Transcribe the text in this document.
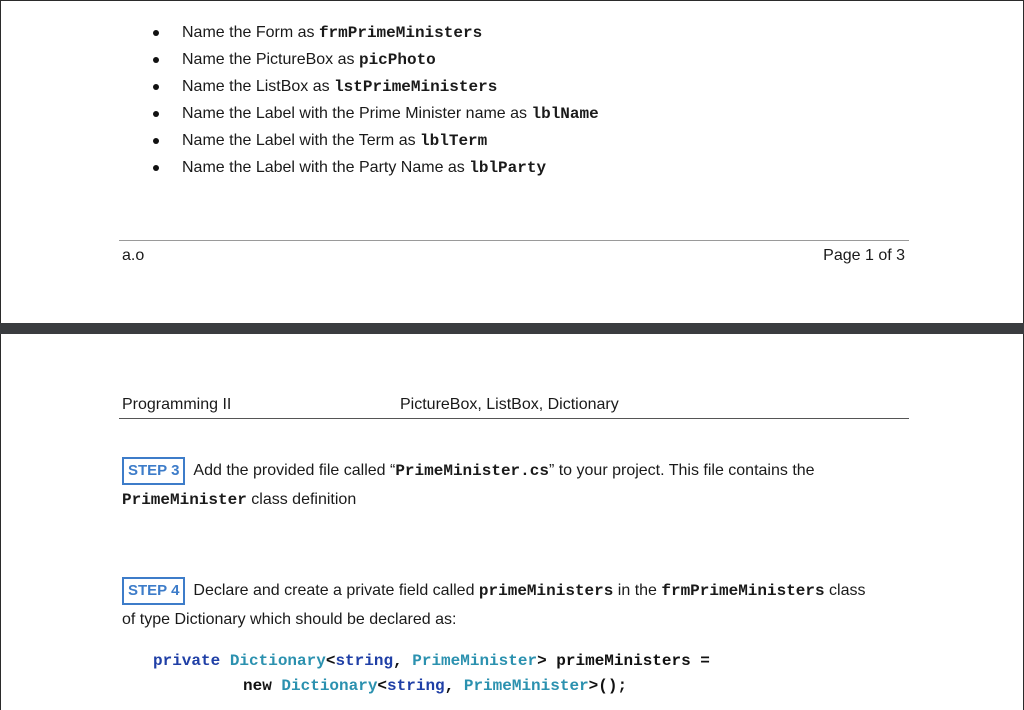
Name the Form as frmPrimeMinisters
Name the PictureBox as picPhoto
Name the ListBox as lstPrimeMinisters
Name the Label with the Prime Minister name as lblName
Name the Label with the Term as lblTerm
Name the Label with the Party Name as lblParty
a.o	Page 1 of 3
Programming II	PictureBox, ListBox, Dictionary
STEP 3 Add the provided file called “PrimeMinister.cs” to your project. This file contains the
PrimeMinister class definition
STEP 4 Declare and create a private field called primeMinisters in the frmPrimeMinisters class
of type Dictionary which should be declared as:
private Dictionary<string, PrimeMinister> primeMinisters =
new Dictionary<string, PrimeMinister>();
